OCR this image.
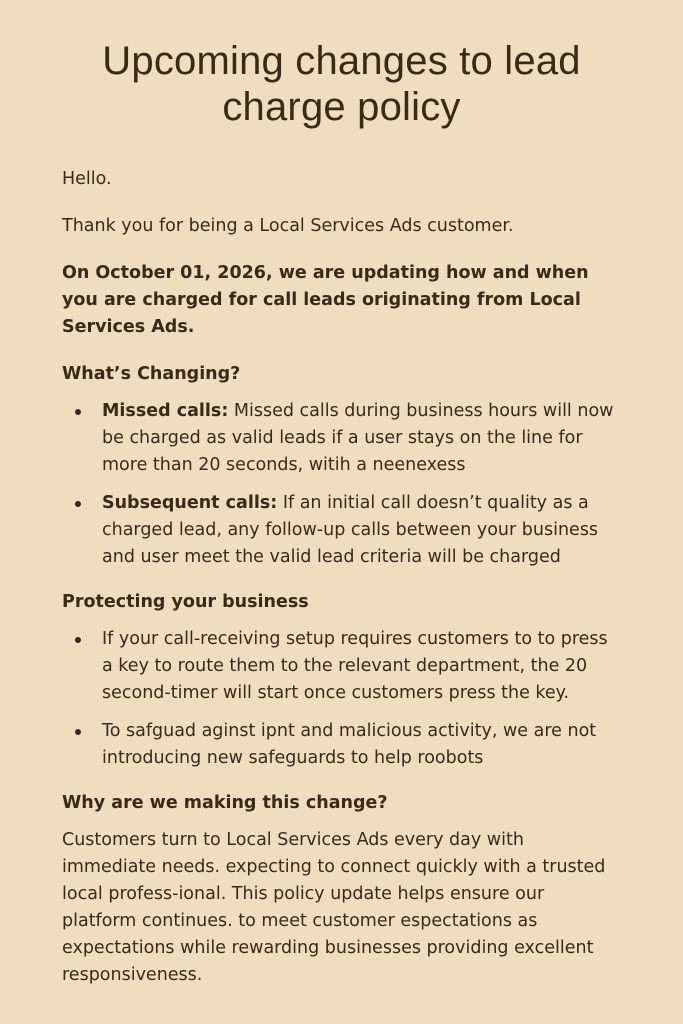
Upcoming changes to lead charge policy

Hello.

Thank you for being a Local Services Ads customer.

On October 01, 2026, we are updating how and when you are charged for call leads originating from Local Services Ads.

What’s Changing?
Missed calls: Missed calls during business hours will now be charged as valid leads if a user stays on the line for more than 20 seconds, witih a neenexess
Subsequent calls: If an initial call doesn’t quality as a charged lead, any follow-up calls between your business and user meet the valid lead criteria will be charged
Protecting your business
If your call-receiving setup requires customers to to press a key to route them to the relevant department, the 20 second-timer will start once customers press the key.
To safguad aginst ipnt and malicious activity, we are not introducing new safeguards to help roobots
Why are we making this change?

Customers turn to Local Services Ads every day with immediate needs. expecting to connect quickly with a trusted local profess-ional. This policy update helps ensure our platform continues. to meet customer espectations as expectations while rewarding businesses providing excellent responsiveness.
